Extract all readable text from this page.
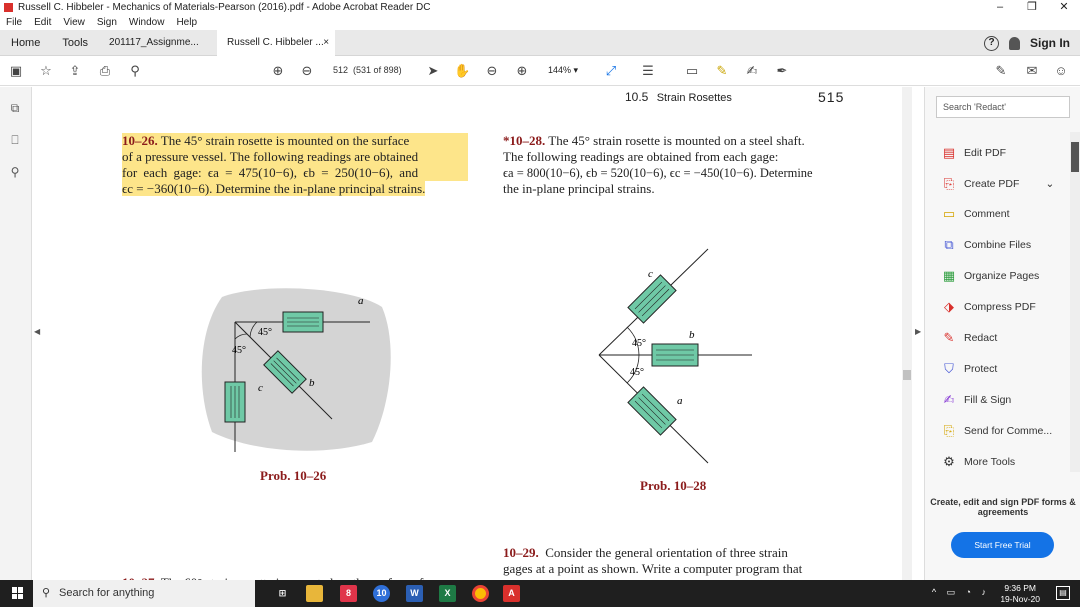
Russell C. Hibbeler - Mechanics of Materials-Pearson (2016).pdf - Adobe Acrobat Reader DC	–	❐	✕
File	Edit	View	Sign	Window	Help
Home	Tools	201117_Assignme...	Russell C. Hibbeler ... ×	?	Sign In
▣ ☆ ⇪ ⎙ ⚲	⊕ ⊖ 512 (531 of 898) ➤ ✋ ⊖ ⊕ 144% ▾ ⤢ ☰ ▭ ✎ ✍ ✒	✎ ✉ ☺
⧉
⎕
⚲
◀
10.5 Strain Rosettes	515
10–26. The 45° strain rosette is mounted on the surface
of a pressure vessel. The following readings are obtained
for each gage: ϵa = 475(10−6), ϵb = 250(10−6), and
ϵc = −360(10−6). Determine the in-plane principal strains.
*10–28. The 45° strain rosette is mounted on a steel shaft.
The following readings are obtained from each gage:
ϵa = 800(10−6), ϵb = 520(10−6), ϵc = −450(10−6). Determine
the in-plane principal strains.
a
b
c
45°
45°
Prob. 10–26
c
b
a
45°
45°
Prob. 10–28
10–29. Consider the general orientation of three strain
gages at a point as shown. Write a computer program that
▶
Search 'Redact'
▤ Edit PDF
⎘ Create PDF ⌄
▭ Comment
⧉ Combine Files
▦ Organize Pages
⬗ Compress PDF
✎ Redact
⛉ Protect
✍ Fill & Sign
⎘ Send for Comme...
⚙ More Tools
Create, edit and sign PDF forms & agreements
Start Free Trial
⚲ Search for anything	⊞	8	10	W	X	A	^ ▭ ◔ ♪	9:36 PM
19-Nov-20
▤
